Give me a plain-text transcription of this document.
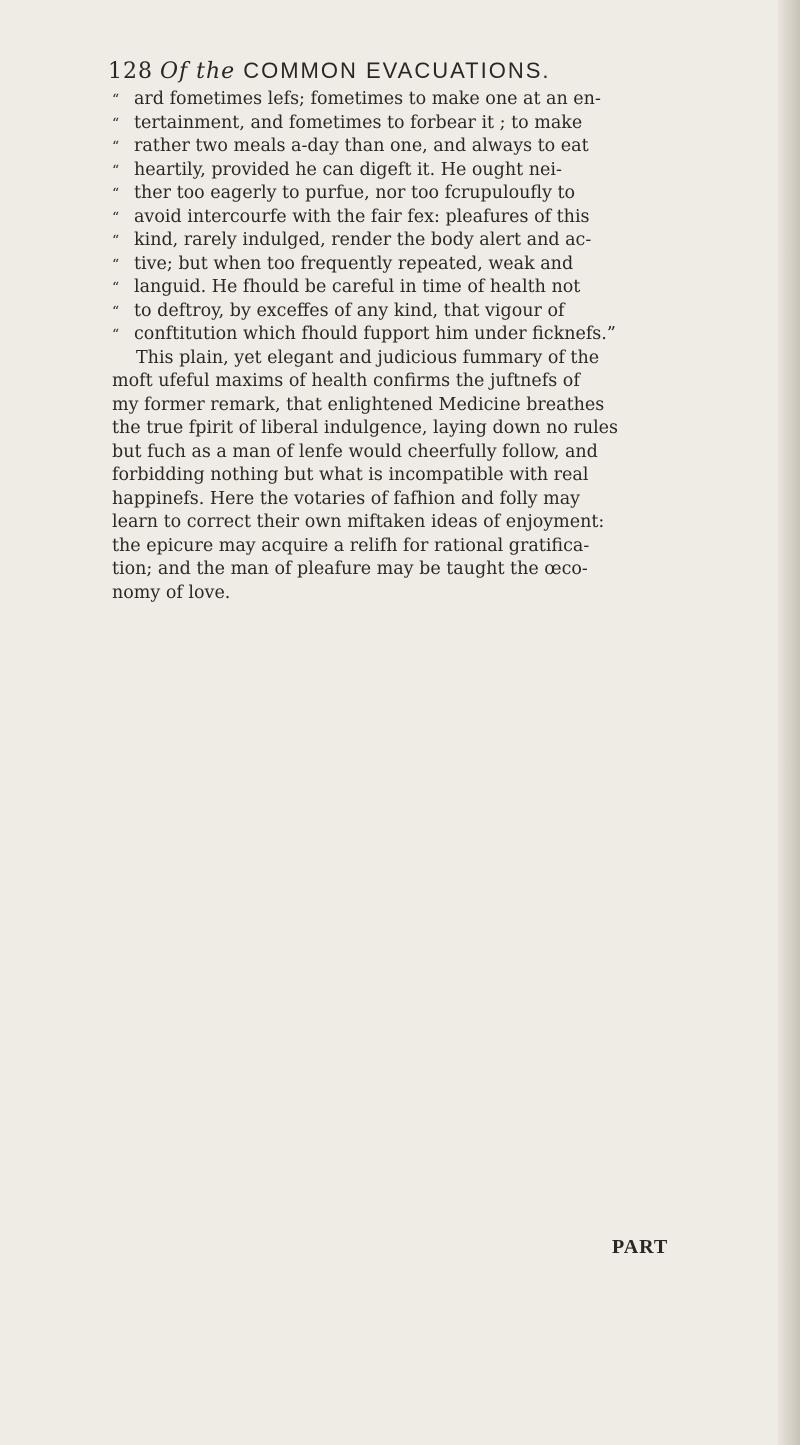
128 Of the COMMON EVACUATIONS.
“ ard fometimes lefs; fometimes to make one at an en-
“ tertainment, and fometimes to forbear it ; to make
“ rather two meals a-day than one, and always to eat
“ heartily, provided he can digeft it. He ought nei-
“ ther too eagerly to purfue, nor too fcrupuloufly to
“ avoid intercourfe with the fair fex: pleafures of this
“ kind, rarely indulged, render the body alert and ac-
“ tive; but when too frequently repeated, weak and
“ languid. He fhould be careful in time of health not
“ to deftroy, by exceffes of any kind, that vigour of
“ conftitution which fhould fupport him under ficknefs.”
This plain, yet elegant and judicious fummary of the
moft ufeful maxims of health confirms the juftnefs of
my former remark, that enlightened Medicine breathes
the true fpirit of liberal indulgence, laying down no rules
but fuch as a man of lenfe would cheerfully follow, and
forbidding nothing but what is incompatible with real
happinefs. Here the votaries of fafhion and folly may
learn to correct their own miftaken ideas of enjoyment:
the epicure may acquire a relifh for rational gratifica-
tion; and the man of pleafure may be taught the œco-
nomy of love.
PART
